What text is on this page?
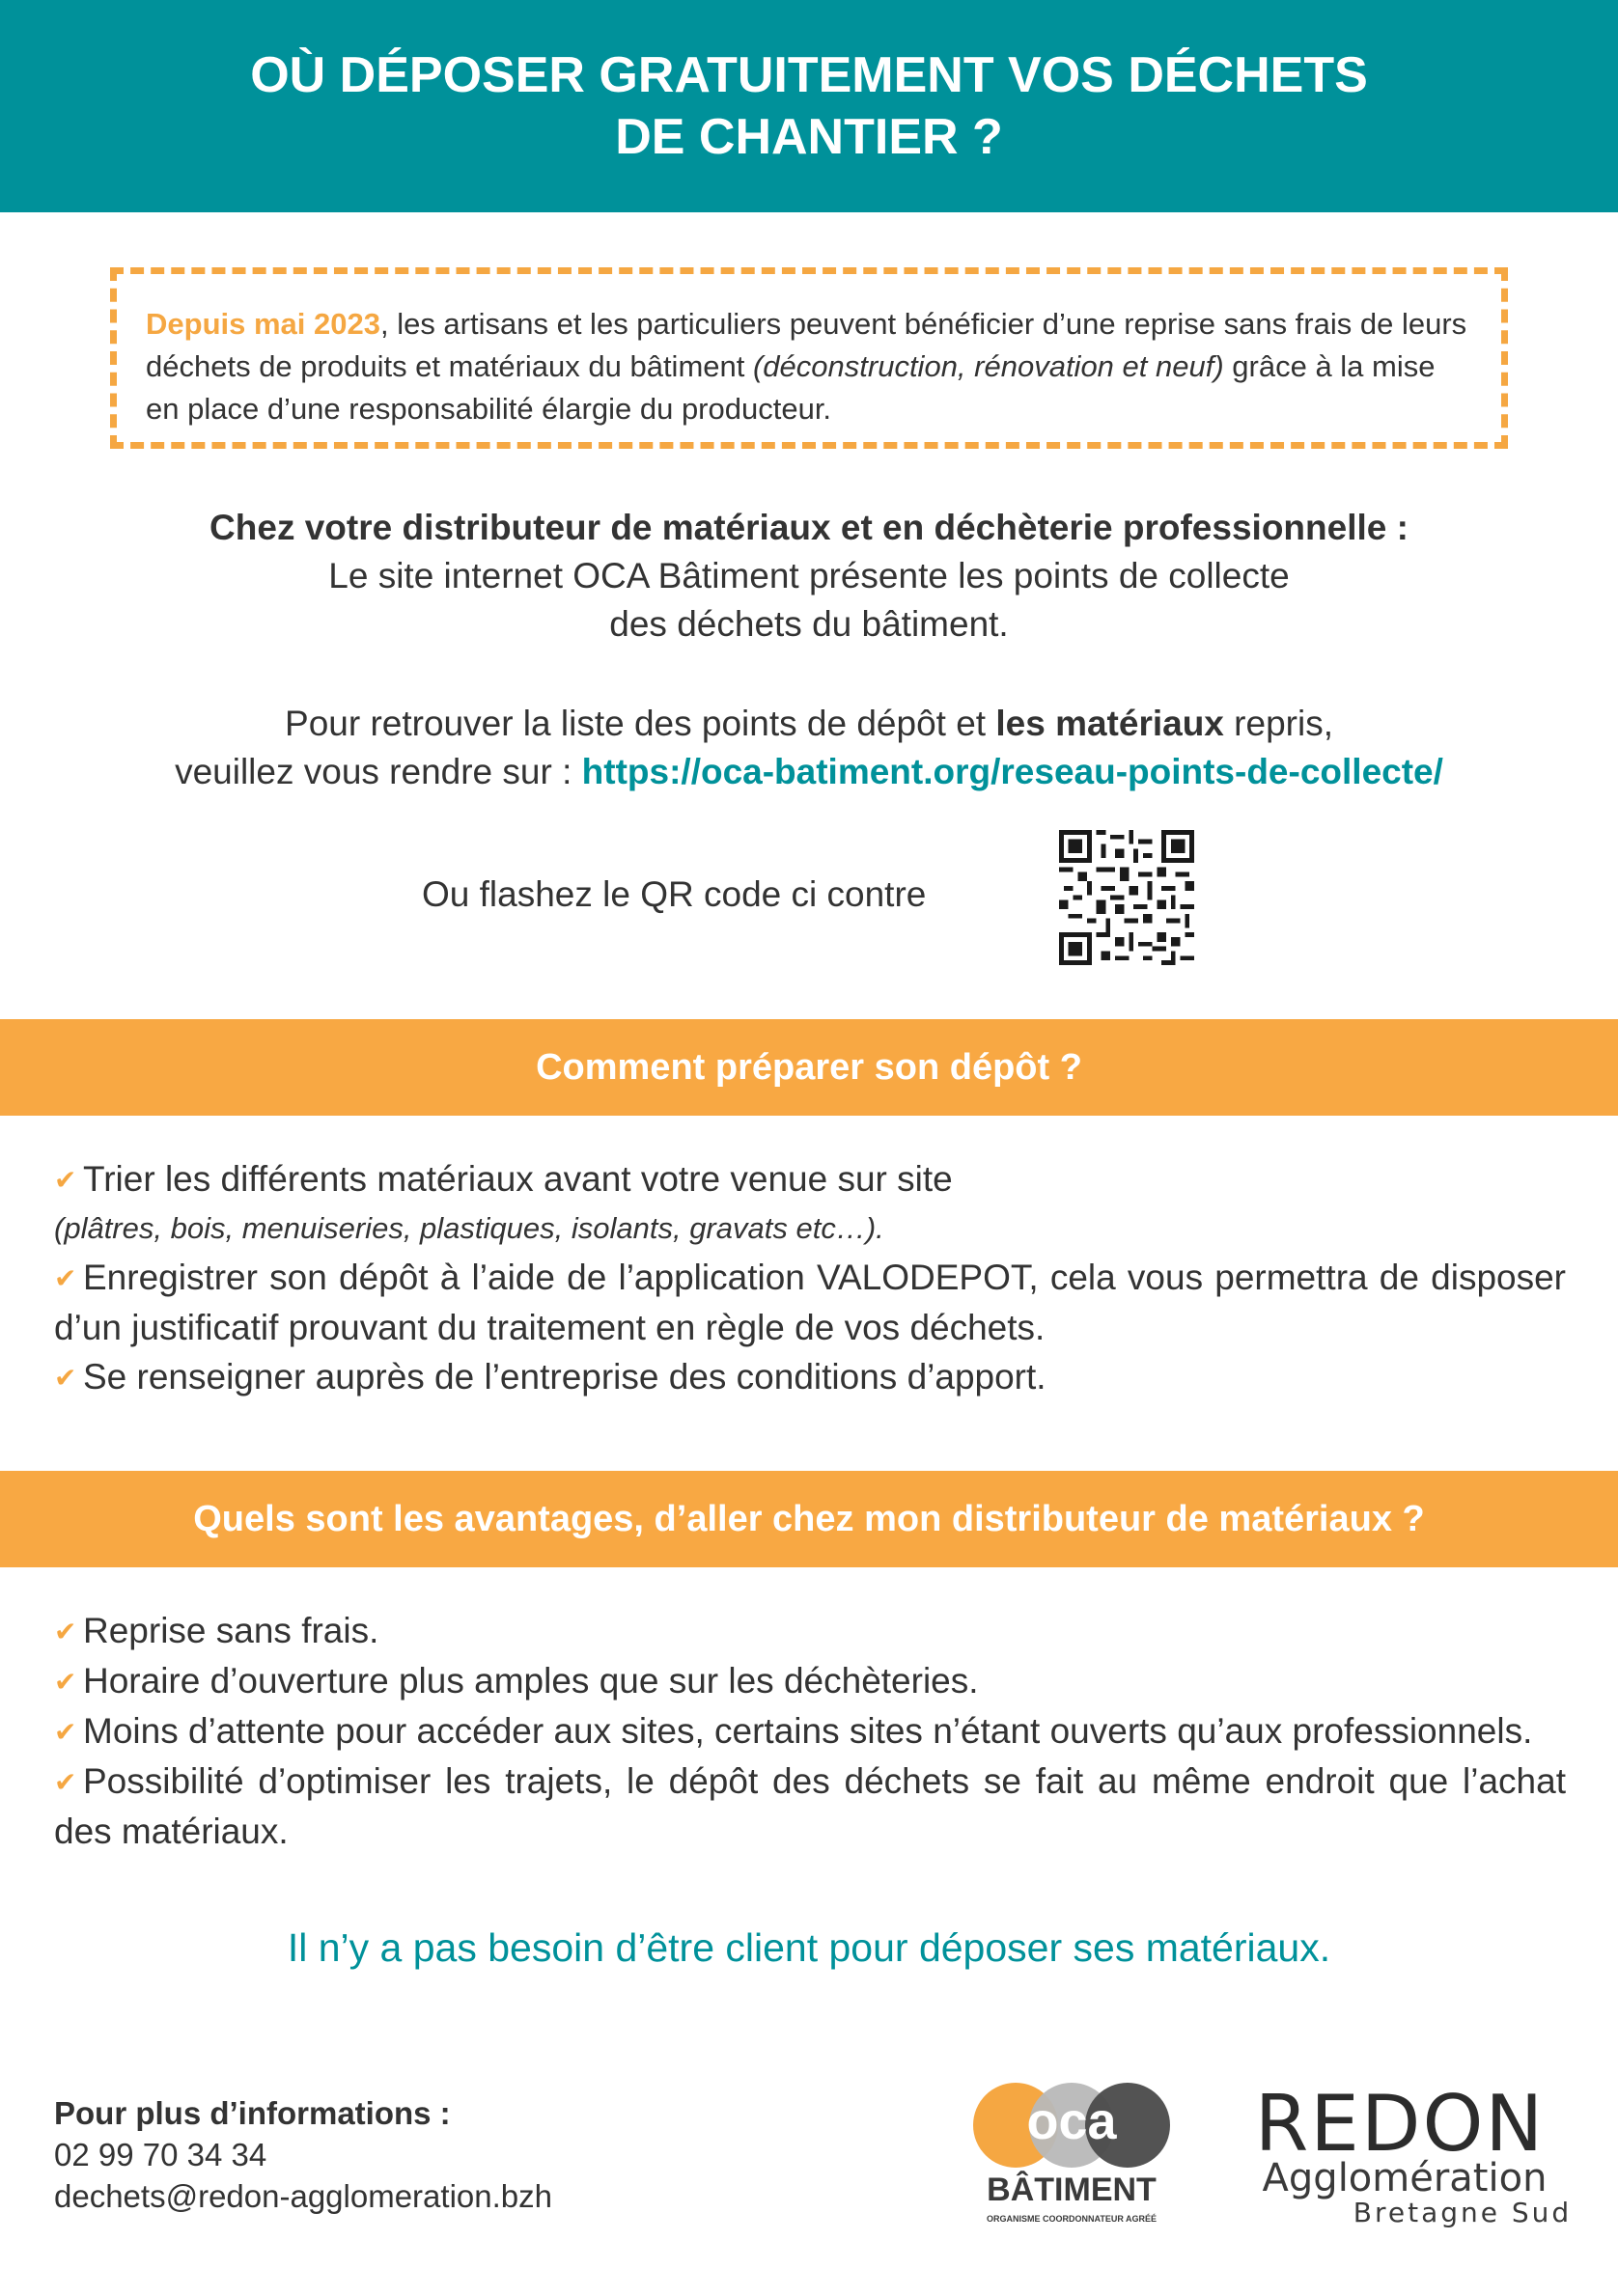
OÙ DÉPOSER GRATUITEMENT VOS DÉCHETS
DE CHANTIER ?
Depuis mai 2023, les artisans et les particuliers peuvent bénéficier d’une reprise sans frais de leurs déchets de produits et matériaux du bâtiment (déconstruction, rénovation et neuf) grâce à la mise en place d’une responsabilité élargie du producteur.
Chez votre distributeur de matériaux et en déchèterie professionnelle :
Le site internet OCA Bâtiment présente les points de collecte
des déchets du bâtiment.
Pour retrouver la liste des points de dépôt et les matériaux repris,
veuillez vous rendre sur : https://oca-batiment.org/reseau-points-de-collecte/
Ou flashez le QR code ci contre
Comment préparer son dépôt ?

✔ Trier les différents matériaux avant votre venue sur site

(plâtres, bois, menuiseries, plastiques, isolants, gravats etc…).

✔ Enregistrer son dépôt à l’aide de l’application VALODEPOT, cela vous permettra de disposer d’un justificatif prouvant du traitement en règle de vos déchets.

✔ Se renseigner auprès de l’entreprise des conditions d’apport.

Quels sont les avantages, d’aller chez mon distributeur de matériaux ?

✔ Reprise sans frais.

✔ Horaire d’ouverture plus amples que sur les déchèteries.

✔ Moins d’attente pour accéder aux sites, certains sites n’étant ouverts qu’aux professionnels.

✔ Possibilité d’optimiser les trajets, le dépôt des déchets se fait au même endroit que l’achat des matériaux.

Il n’y a pas besoin d’être client pour déposer ses matériaux.
Pour plus d’informations :
02 99 70 34 34
dechets@redon-agglomeration.bzh
oca
BÂTIMENT
ORGANISME COORDONNATEUR AGRÉÉ
REDON
Agglomération
Bretagne Sud
